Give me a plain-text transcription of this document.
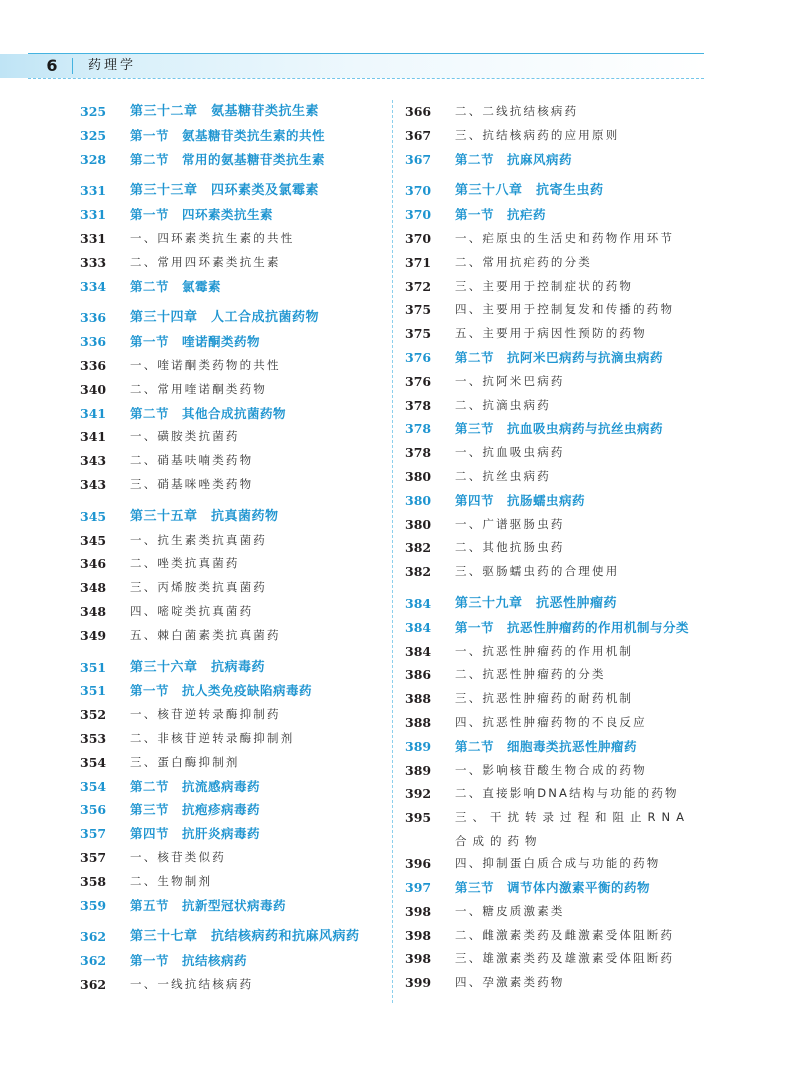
6	药理学
325	第三十二章　氨基糖苷类抗生素
325	第一节　氨基糖苷类抗生素的共性
328	第二节　常用的氨基糖苷类抗生素
331	第三十三章　四环素类及氯霉素
331	第一节　四环素类抗生素
331	一、四环素类抗生素的共性
333	二、常用四环素类抗生素
334	第二节　氯霉素
336	第三十四章　人工合成抗菌药物
336	第一节　喹诺酮类药物
336	一、喹诺酮类药物的共性
340	二、常用喹诺酮类药物
341	第二节　其他合成抗菌药物
341	一、磺胺类抗菌药
343	二、硝基呋喃类药物
343	三、硝基咪唑类药物
345	第三十五章　抗真菌药物
345	一、抗生素类抗真菌药
346	二、唑类抗真菌药
348	三、丙烯胺类抗真菌药
348	四、嘧啶类抗真菌药
349	五、棘白菌素类抗真菌药
351	第三十六章　抗病毒药
351	第一节　抗人类免疫缺陷病毒药
352	一、核苷逆转录酶抑制药
353	二、非核苷逆转录酶抑制剂
354	三、蛋白酶抑制剂
354	第二节　抗流感病毒药
356	第三节　抗疱疹病毒药
357	第四节　抗肝炎病毒药
357	一、核苷类似药
358	二、生物制剂
359	第五节　抗新型冠状病毒药
362	第三十七章　抗结核病药和抗麻风病药
362	第一节　抗结核病药
362	一、一线抗结核病药
366	二、二线抗结核病药
367	三、抗结核病药的应用原则
367	第二节　抗麻风病药
370	第三十八章　抗寄生虫药
370	第一节　抗疟药
370	一、疟原虫的生活史和药物作用环节
371	二、常用抗疟药的分类
372	三、主要用于控制症状的药物
375	四、主要用于控制复发和传播的药物
375	五、主要用于病因性预防的药物
376	第二节　抗阿米巴病药与抗滴虫病药
376	一、抗阿米巴病药
378	二、抗滴虫病药
378	第三节　抗血吸虫病药与抗丝虫病药
378	一、抗血吸虫病药
380	二、抗丝虫病药
380	第四节　抗肠蠕虫病药
380	一、广谱驱肠虫药
382	二、其他抗肠虫药
382	三、驱肠蠕虫药的合理使用
384	第三十九章　抗恶性肿瘤药
384	第一节　抗恶性肿瘤药的作用机制与分类
384	一、抗恶性肿瘤药的作用机制
386	二、抗恶性肿瘤药的分类
388	三、抗恶性肿瘤药的耐药机制
388	四、抗恶性肿瘤药物的不良反应
389	第二节　细胞毒类抗恶性肿瘤药
389	一、影响核苷酸生物合成的药物
392	二、直接影响DNA结构与功能的药物
395	三、干扰转录过程和阻止RNA合成的药物
396	四、抑制蛋白质合成与功能的药物
397	第三节　调节体内激素平衡的药物
398	一、糖皮质激素类
398	二、雌激素类药及雌激素受体阻断药
398	三、雄激素类药及雄激素受体阻断药
399	四、孕激素类药物
